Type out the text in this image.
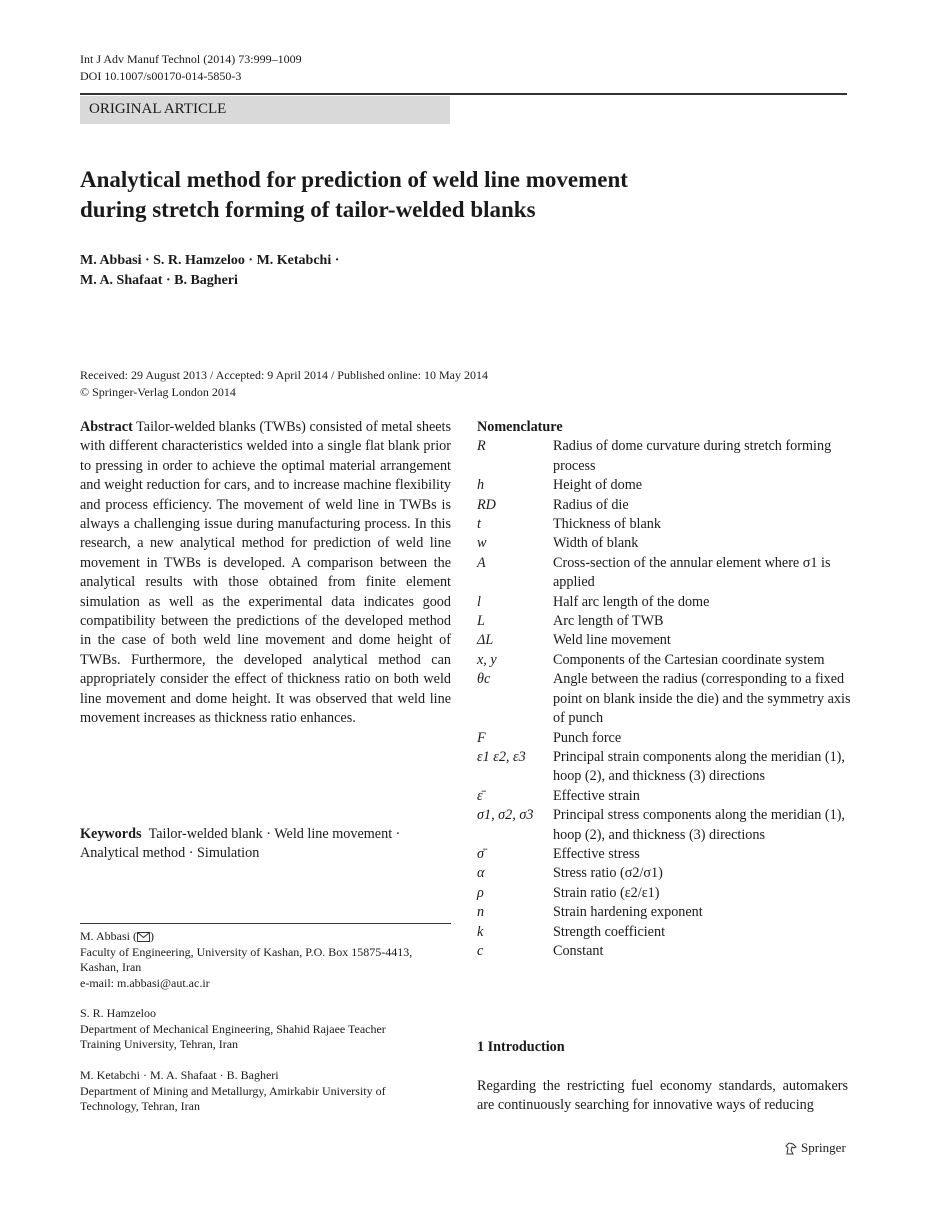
Int J Adv Manuf Technol (2014) 73:999–1009
DOI 10.1007/s00170-014-5850-3
ORIGINAL ARTICLE
Analytical method for prediction of weld line movement
during stretch forming of tailor-welded blanks
M. Abbasi · S. R. Hamzeloo · M. Ketabchi ·
M. A. Shafaat · B. Bagheri
Received: 29 August 2013 / Accepted: 9 April 2014 / Published online: 10 May 2014
© Springer-Verlag London 2014
Abstract Tailor-welded blanks (TWBs) consisted of metal sheets with different characteristics welded into a single flat blank prior to pressing in order to achieve the optimal material arrangement and weight reduction for cars, and to increase machine flexibility and process efficiency. The movement of weld line in TWBs is always a challenging issue during manufacturing process. In this research, a new analytical method for prediction of weld line movement in TWBs is developed. A comparison between the analytical results with those obtained from finite element simulation as well as the experimental data indicates good compatibility between the predictions of the developed method in the case of both weld line movement and dome height of TWBs. Furthermore, the developed analytical method can appropriately consider the effect of thickness ratio on both weld line movement and dome height. It was observed that weld line movement increases as thickness ratio enhances.
Keywords Tailor-welded blank · Weld line movement ·
Analytical method · Simulation
M. Abbasi ( )
Faculty of Engineering, University of Kashan, P.O. Box 15875-4413,
Kashan, Iran
e-mail: m.abbasi@aut.ac.ir
S. R. Hamzeloo
Department of Mechanical Engineering, Shahid Rajaee Teacher
Training University, Tehran, Iran
M. Ketabchi · M. A. Shafaat · B. Bagheri
Department of Mining and Metallurgy, Amirkabir University of
Technology, Tehran, Iran
Nomenclature
R	Radius of dome curvature during stretch forming process
h	Height of dome
RD	Radius of die
t	Thickness of blank
w	Width of blank
A	Cross-section of the annular element where σ1 is applied
l	Half arc length of the dome
L	Arc length of TWB
ΔL	Weld line movement
x, y	Components of the Cartesian coordinate system
θc	Angle between the radius (corresponding to a fixed point on blank inside the die) and the symmetry axis of punch
F	Punch force
ε1 ε2, ε3	Principal strain components along the meridian (1), hoop (2), and thickness (3) directions
ε̄	Effective strain
σ1, σ2, σ3	Principal stress components along the meridian (1), hoop (2), and thickness (3) directions
σ̄	Effective stress
α	Stress ratio (σ2/σ1)
ρ	Strain ratio (ε2/ε1)
n	Strain hardening exponent
k	Strength coefficient
c	Constant
1 Introduction
Regarding the restricting fuel economy standards, automakers are continuously searching for innovative ways of reducing
Springer
